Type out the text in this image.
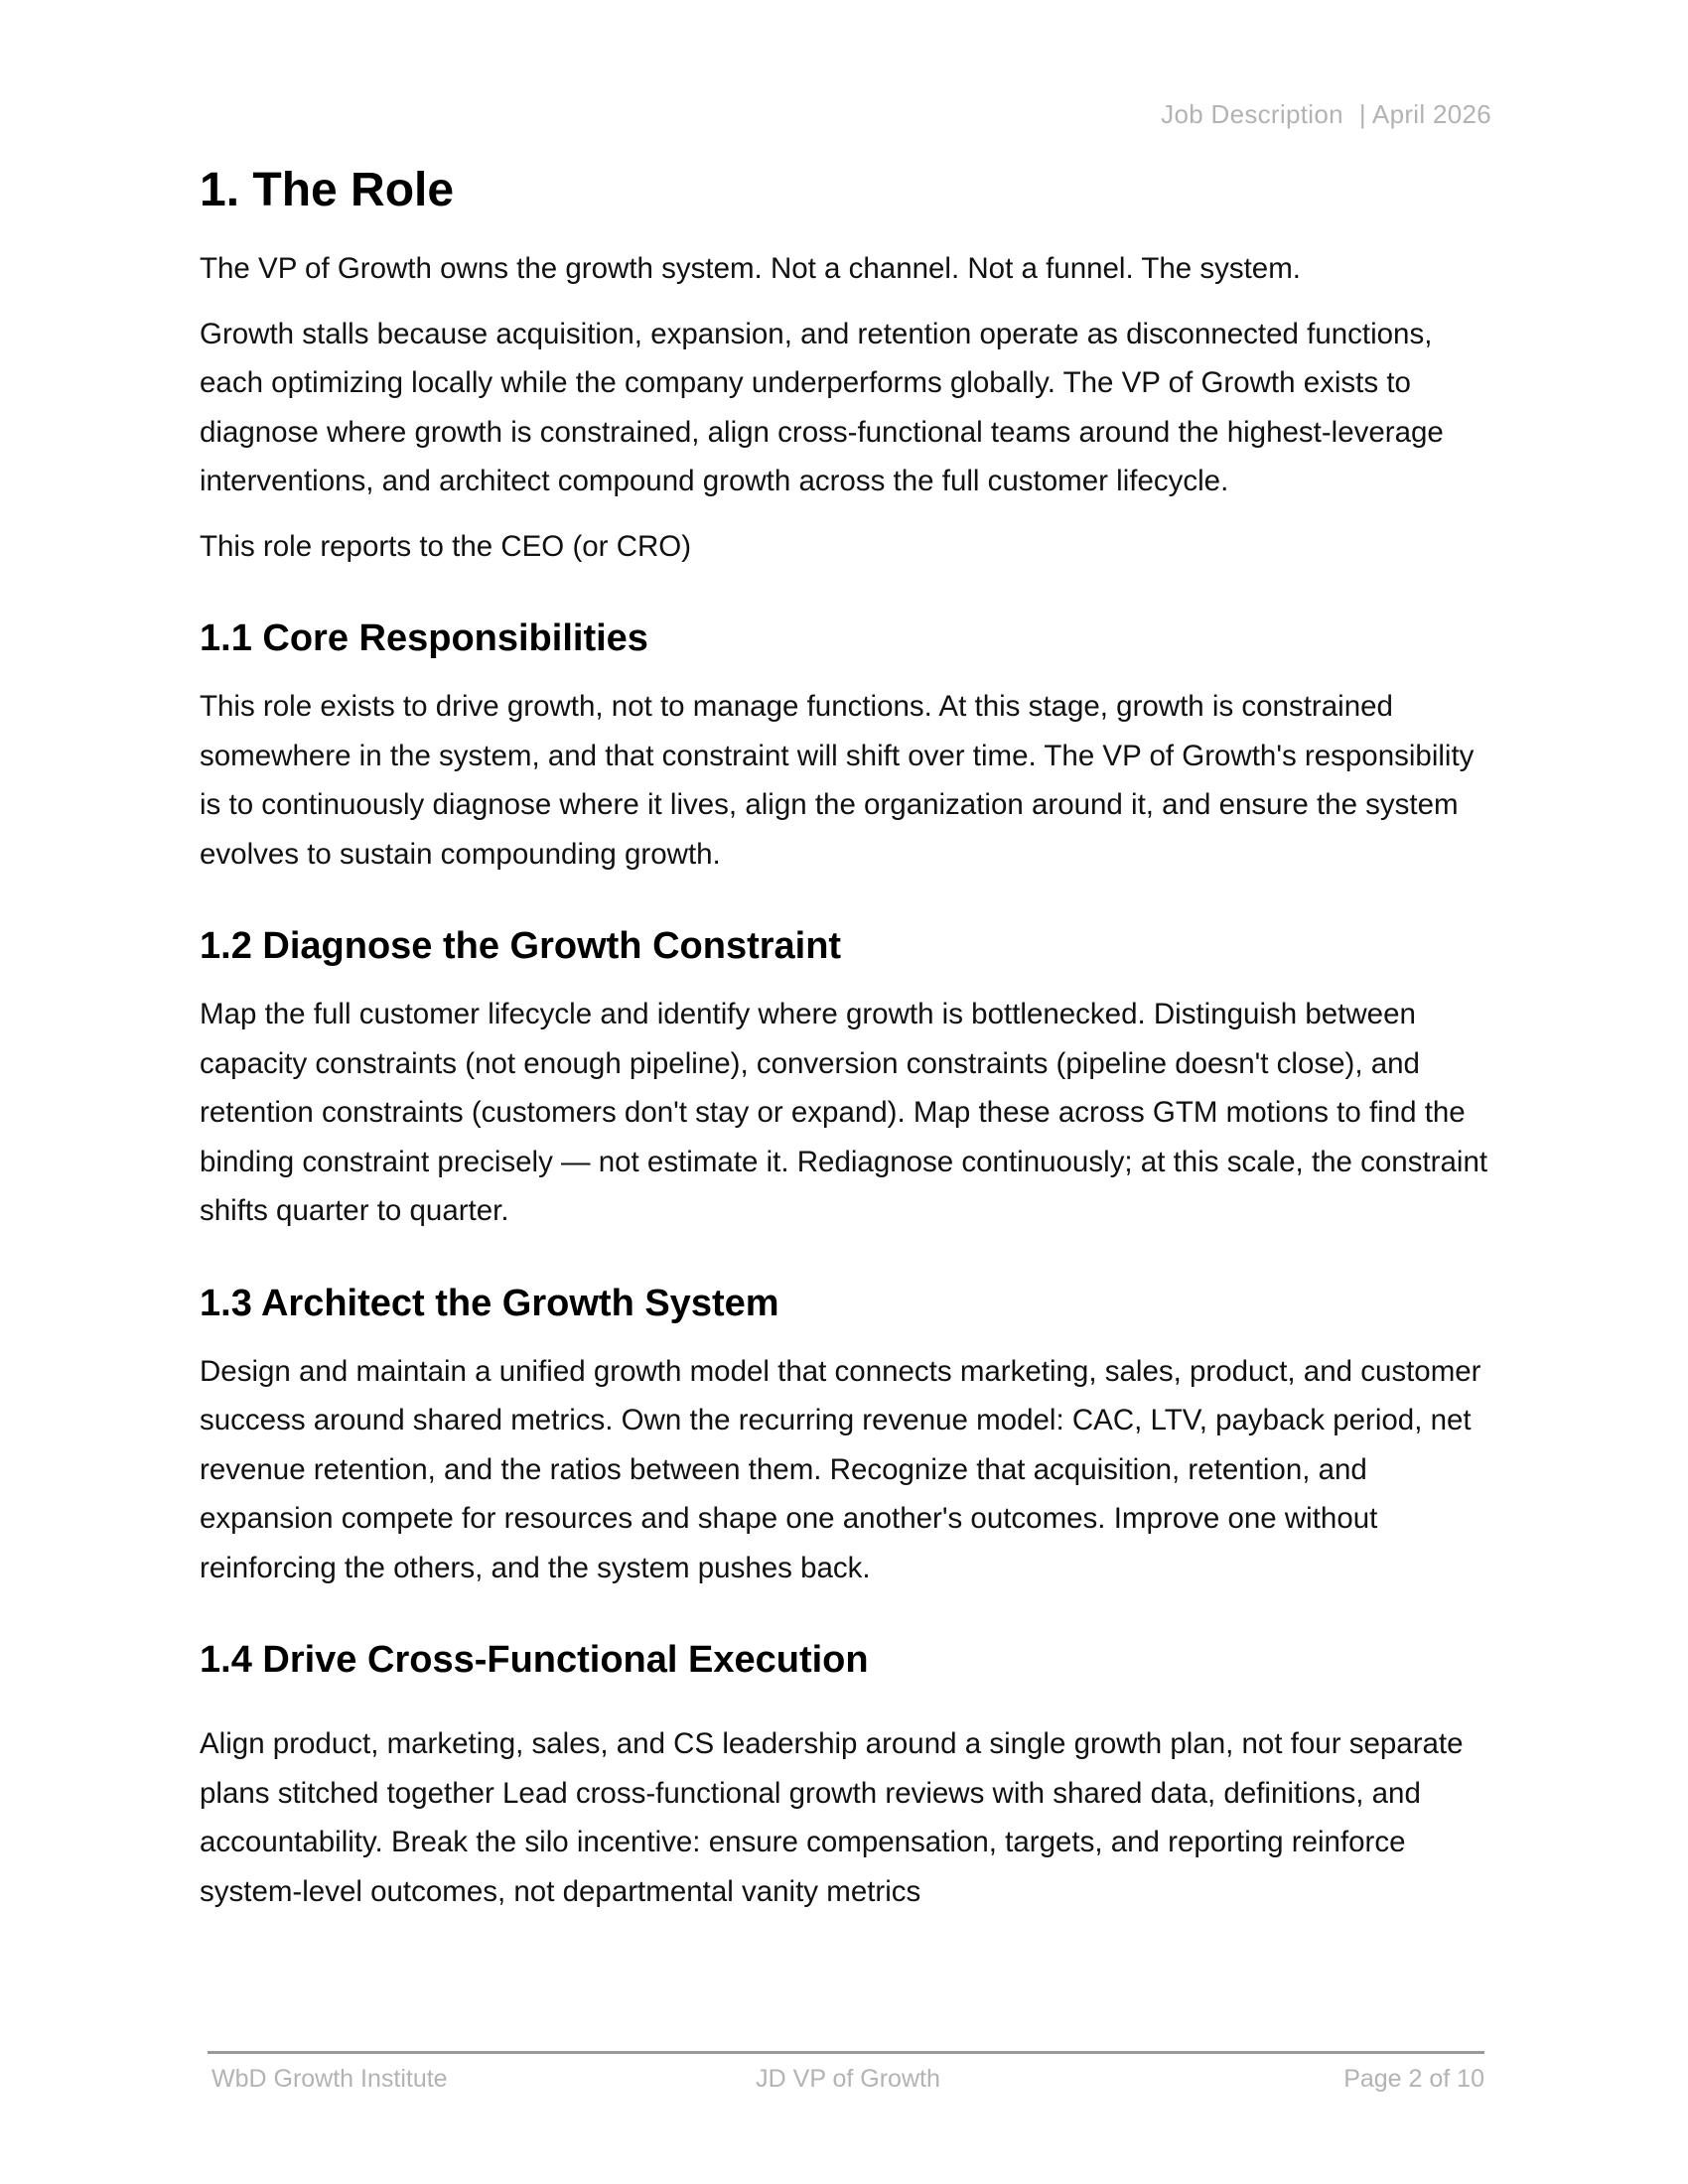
Job Description | April 2026
1. The Role

The VP of Growth owns the growth system. Not a channel. Not a funnel. The system.

Growth stalls because acquisition, expansion, and retention operate as disconnected functions, each optimizing locally while the company underperforms globally. The VP of Growth exists to diagnose where growth is constrained, align cross-functional teams around the highest-leverage interventions, and architect compound growth across the full customer lifecycle.

This role reports to the CEO (or CRO)

1.1 Core Responsibilities

This role exists to drive growth, not to manage functions. At this stage, growth is constrained somewhere in the system, and that constraint will shift over time. The VP of Growth's responsibility is to continuously diagnose where it lives, align the organization around it, and ensure the system evolves to sustain compounding growth.

1.2 Diagnose the Growth Constraint

Map the full customer lifecycle and identify where growth is bottlenecked. Distinguish between capacity constraints (not enough pipeline), conversion constraints (pipeline doesn't close), and retention constraints (customers don't stay or expand). Map these across GTM motions to find the binding constraint precisely — not estimate it. Rediagnose continuously; at this scale, the constraint shifts quarter to quarter.

1.3 Architect the Growth System

Design and maintain a unified growth model that connects marketing, sales, product, and customer success around shared metrics. Own the recurring revenue model: CAC, LTV, payback period, net revenue retention, and the ratios between them. Recognize that acquisition, retention, and expansion compete for resources and shape one another's outcomes. Improve one without reinforcing the others, and the system pushes back.

1.4 Drive Cross-Functional Execution

Align product, marketing, sales, and CS leadership around a single growth plan, not four separate plans stitched together Lead cross-functional growth reviews with shared data, definitions, and accountability. Break the silo incentive: ensure compensation, targets, and reporting reinforce system-level outcomes, not departmental vanity metrics

WbD Growth Institute	JD VP of Growth	Page 2 of 10
